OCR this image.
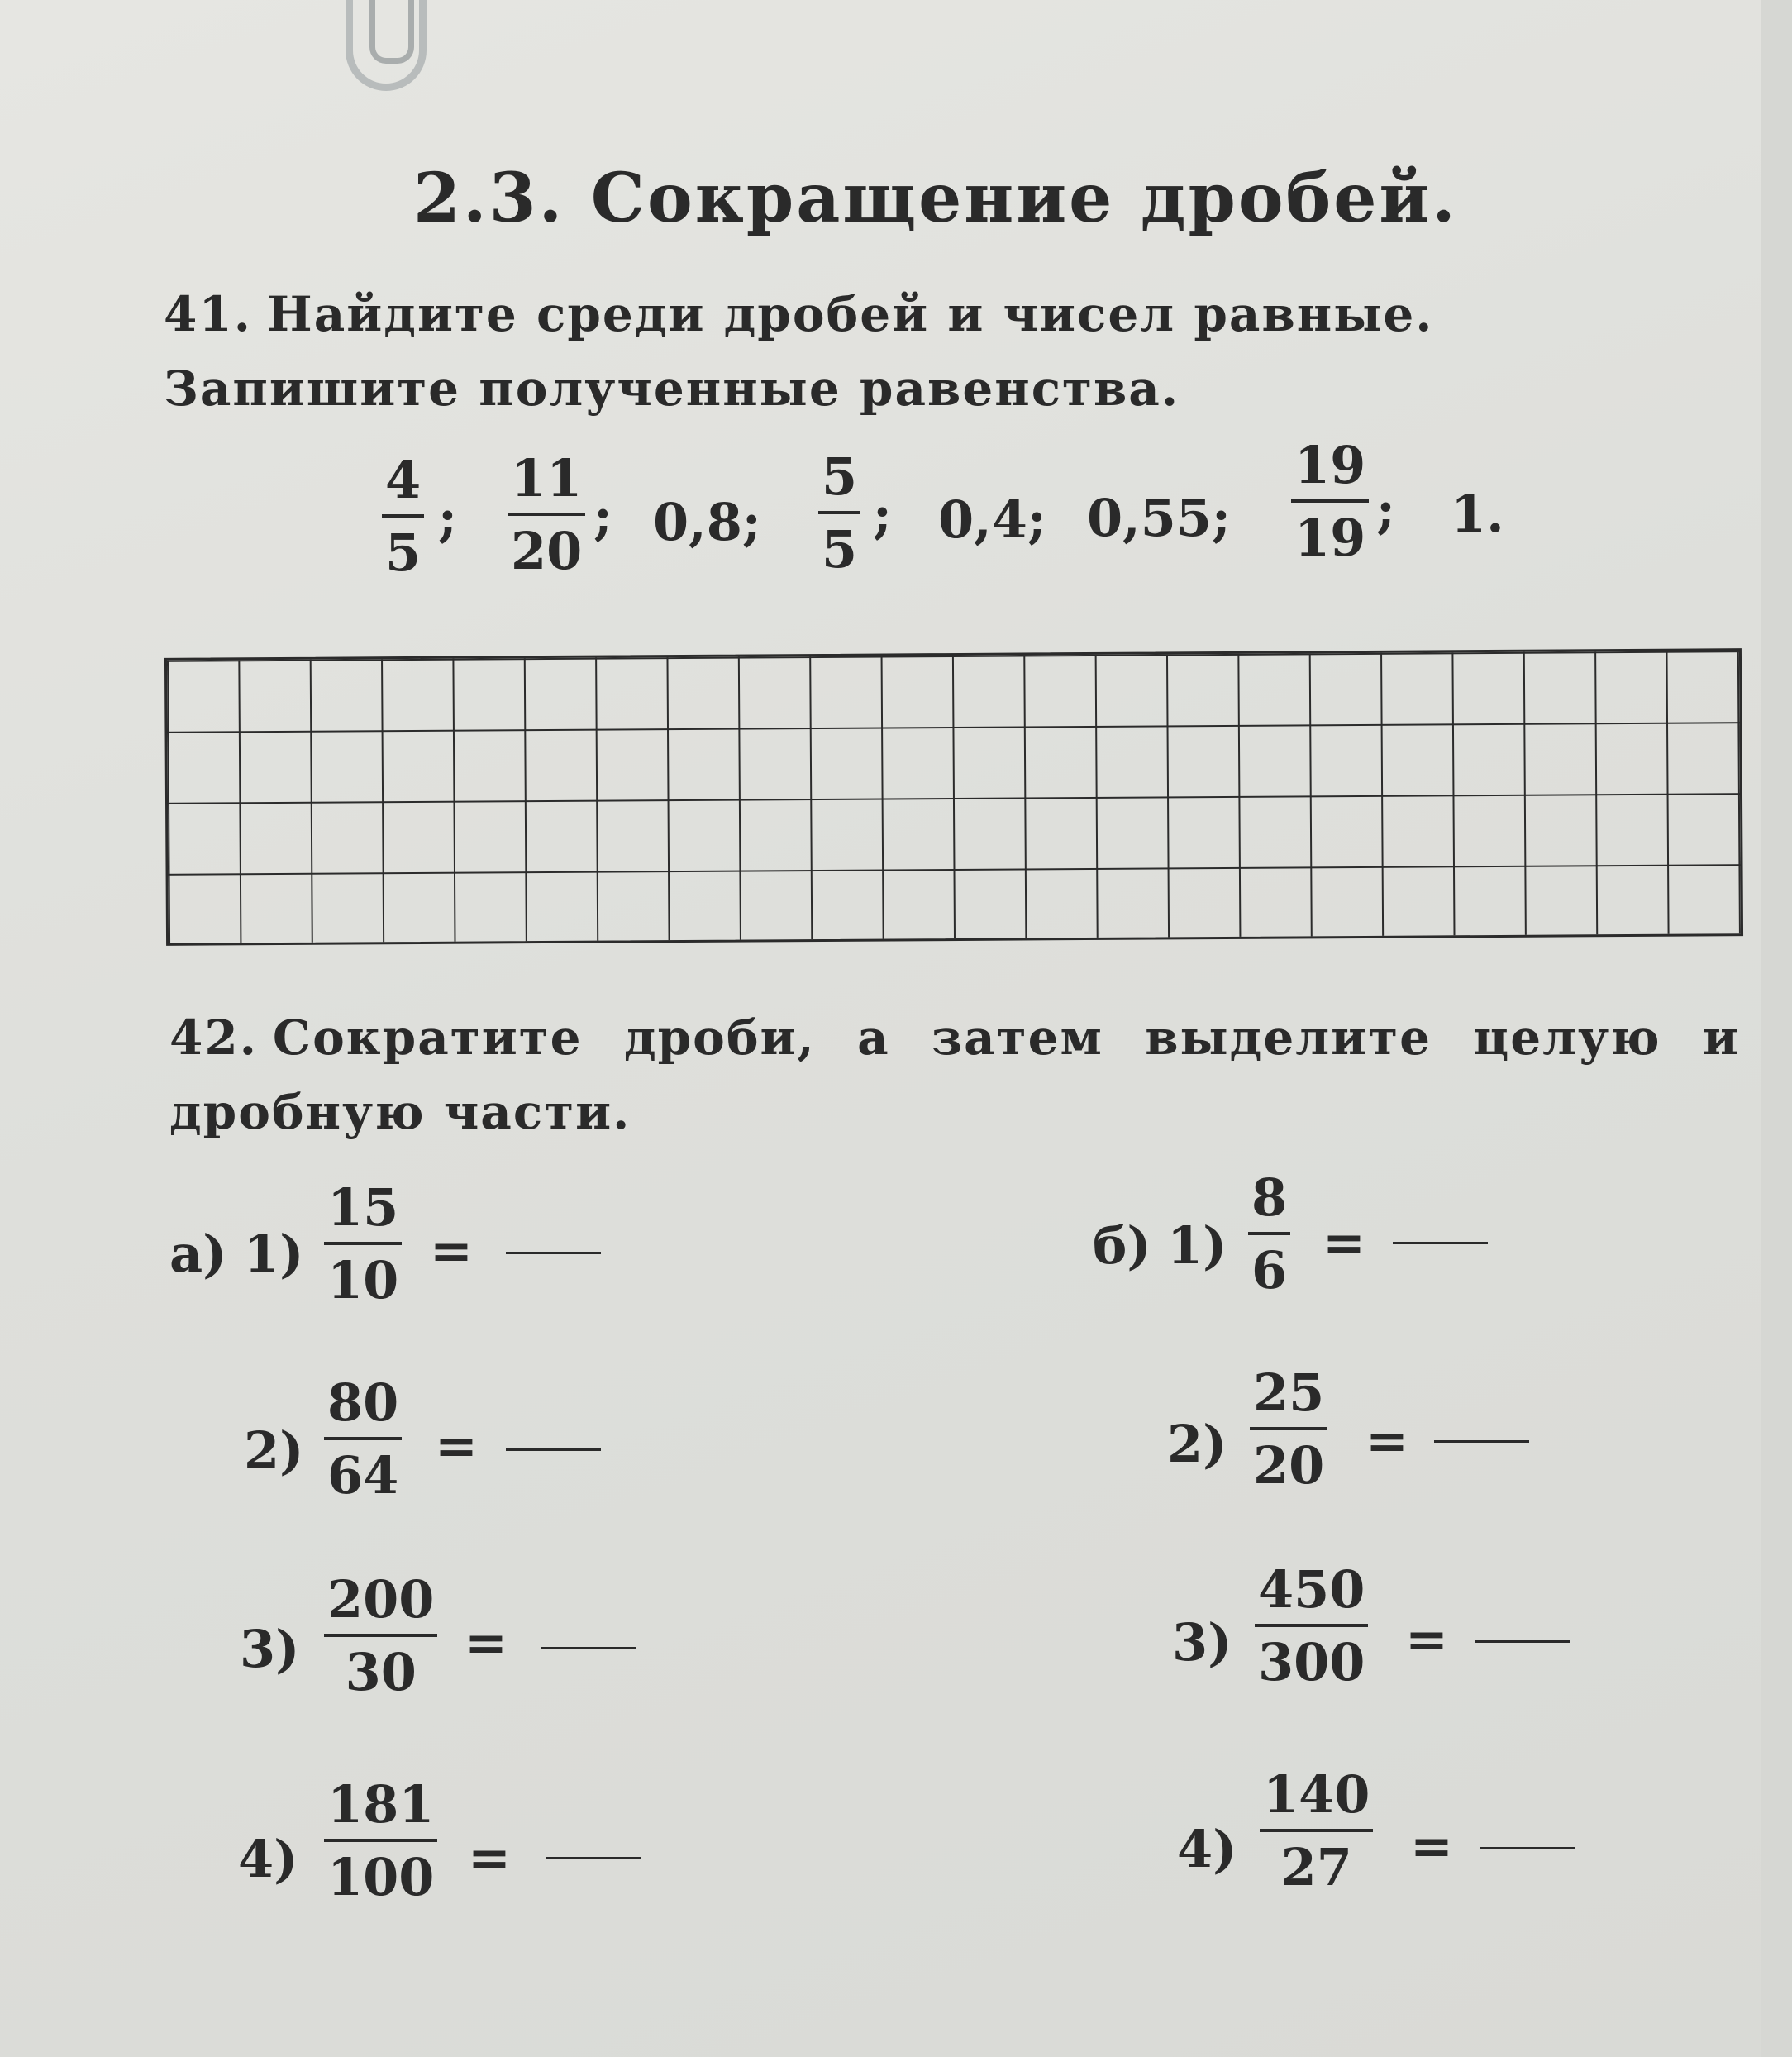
2.3. Сокращение дробей.

41. Найдите среди дробей и чисел равные. Запишите полученные равенства.

4
5
;
11
20
; 0,8;
5
5
; 0,4; 0,55;
19
19 ; 1.

42. Сократите дроби, а затем выделите целую и дробную части.

а) 1)
15
10 =
2)
80
64 =
3)
200
30 =
4)
181
100 =
б) 1)
8
6 =
2)
25
20 =
3)
450
300 =
4)
140
27 =
